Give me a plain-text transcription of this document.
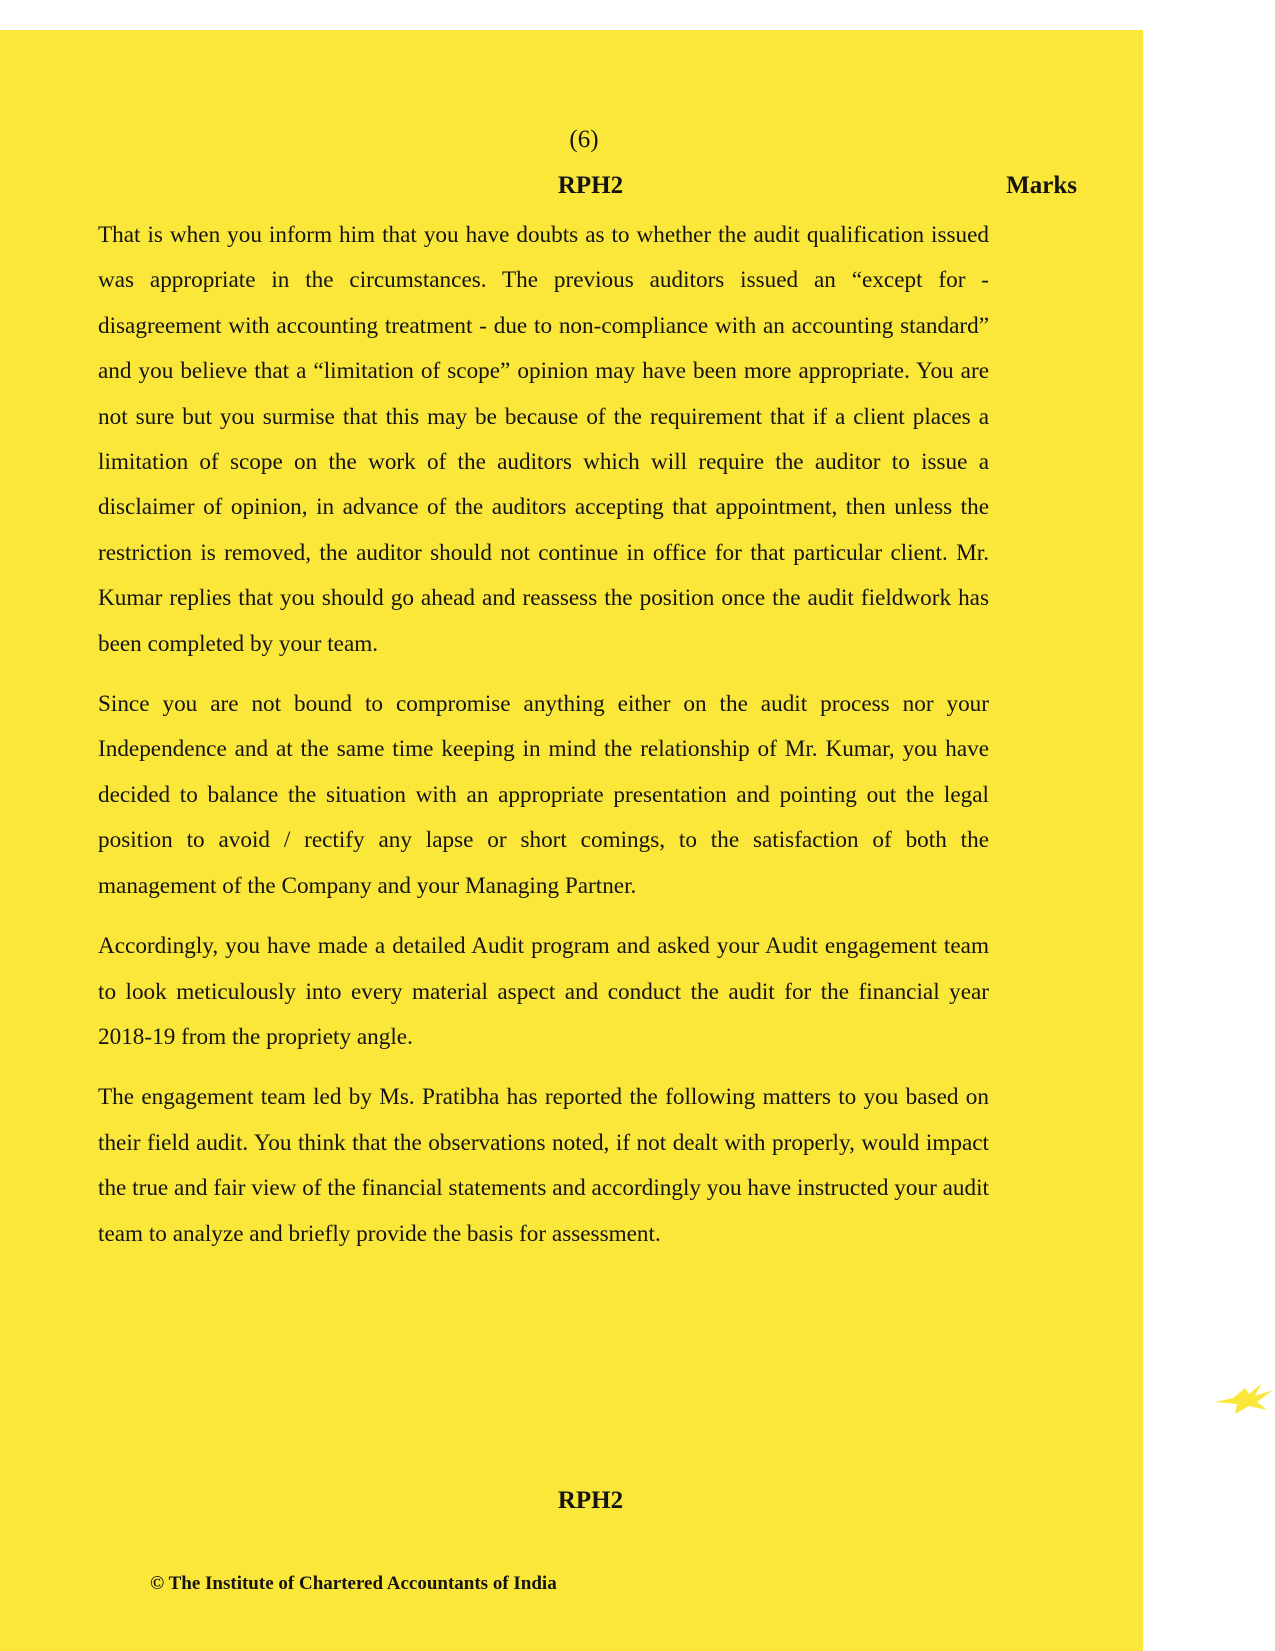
(6)
RPH2	Marks

That is when you inform him that you have doubts as to whether the audit qualification issued was appropriate in the circumstances. The previous auditors issued an “except for - disagreement with accounting treatment - due to non-compliance with an accounting standard” and you believe that a “limitation of scope” opinion may have been more appropriate. You are not sure but you surmise that this may be because of the requirement that if a client places a limitation of scope on the work of the auditors which will require the auditor to issue a disclaimer of opinion, in advance of the auditors accepting that appointment, then unless the restriction is removed, the auditor should not continue in office for that particular client. Mr. Kumar replies that you should go ahead and reassess the position once the audit fieldwork has been completed by your team.

Since you are not bound to compromise anything either on the audit process nor your Independence and at the same time keeping in mind the relationship of Mr. Kumar, you have decided to balance the situation with an appropriate presentation and pointing out the legal position to avoid / rectify any lapse or short comings, to the satisfaction of both the management of the Company and your Managing Partner.

Accordingly, you have made a detailed Audit program and asked your Audit engagement team to look meticulously into every material aspect and conduct the audit for the financial year 2018-19 from the propriety angle.

The engagement team led by Ms. Pratibha has reported the following matters to you based on their field audit. You think that the observations noted, if not dealt with properly, would impact the true and fair view of the financial statements and accordingly you have instructed your audit team to analyze and briefly provide the basis for assessment.

RPH2
© The Institute of Chartered Accountants of India
